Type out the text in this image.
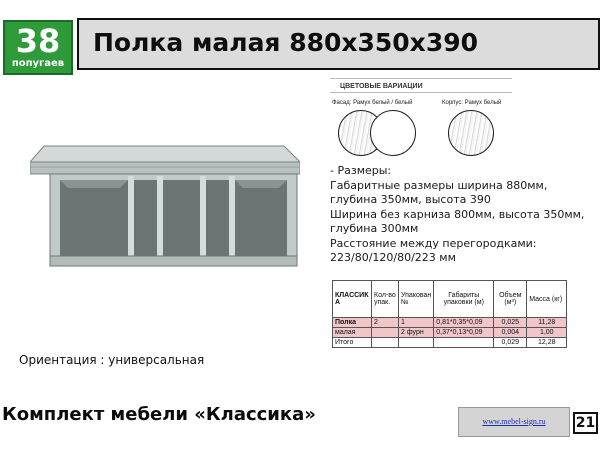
38
попугаев
Полка малая 880х350х390
ЦВЕТОВЫЕ ВАРИАЦИИ
Фасад: Рамух белый / белый	Корпус: Рамух белый
- Размеры:
Габаритные размеры ширина 880мм,
глубина 350мм, высота 390
Ширина без карниза 800мм, высота 350мм,
глубина 300мм
Расстояние между перегородками:
223/80/120/80/223 мм
КЛАССИК А	Кол-во упак.	Упакован №	Габариты упаковки (м)	Объем (м³)	Масса (кг)
Полка	2	1	0,81*0,35*0,09	0,025	11,28
малая		2 фурн	0,37*0,13*0,09	0,004	1,00
Итого				0,029	12,28
Ориентация : универсальная
Комплект мебели «Классика»	www.mebel-sign.ru	21
